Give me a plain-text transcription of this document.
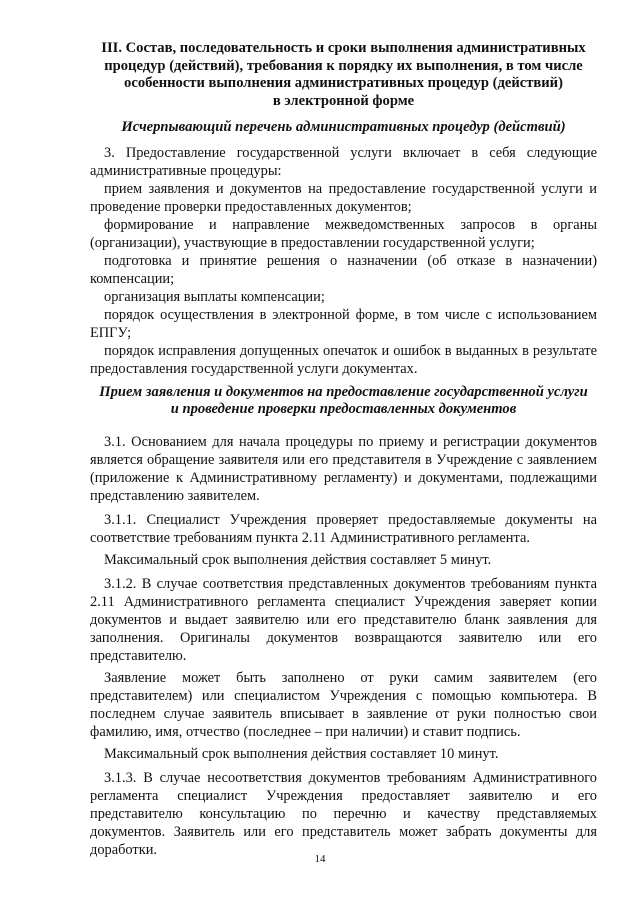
III. Состав, последовательность и сроки выполнения административных

процедур (действий), требования к порядку их выполнения, в том числе

особенности выполнения административных процедур (действий)

в электронной форме

Исчерпывающий перечень административных процедур (действий)

3. Предоставление государственной услуги включает в себя следующие административные процедуры:

прием заявления и документов на предоставление государственной услуги и проведение проверки предоставленных документов;

формирование и направление межведомственных запросов в органы (организации), участвующие в предоставлении государственной услуги;

подготовка и принятие решения о назначении (об отказе в назначении) компенсации;

организация выплаты компенсации;

порядок осуществления в электронной форме, в том числе с использованием ЕПГУ;

порядок исправления допущенных опечаток и ошибок в выданных в результате предоставления государственной услуги документах.

Прием заявления и документов на предоставление государственной услуги

и проведение проверки предоставленных документов

3.1. Основанием для начала процедуры по приему и регистрации документов является обращение заявителя или его представителя в Учреждение с заявлением (приложение к Административному регламенту) и документами, подлежащими представлению заявителем.

3.1.1. Специалист Учреждения проверяет предоставляемые документы на соответствие требованиям пункта 2.11 Административного регламента.

Максимальный срок выполнения действия составляет 5 минут.

3.1.2. В случае соответствия представленных документов требованиям пункта 2.11 Административного регламента специалист Учреждения заверяет копии документов и выдает заявителю или его представителю бланк заявления для заполнения. Оригиналы документов возвращаются заявителю или его представителю.

Заявление может быть заполнено от руки самим заявителем (его представителем) или специалистом Учреждения с помощью компьютера. В последнем случае заявитель вписывает в заявление от руки полностью свои фамилию, имя, отчество (последнее – при наличии) и ставит подпись.

Максимальный срок выполнения действия составляет 10 минут.

3.1.3. В случае несоответствия документов требованиям Административного регламента специалист Учреждения предоставляет заявителю и его представителю консультацию по перечню и качеству представляемых документов. Заявитель или его представитель может забрать документы для доработки.

14
